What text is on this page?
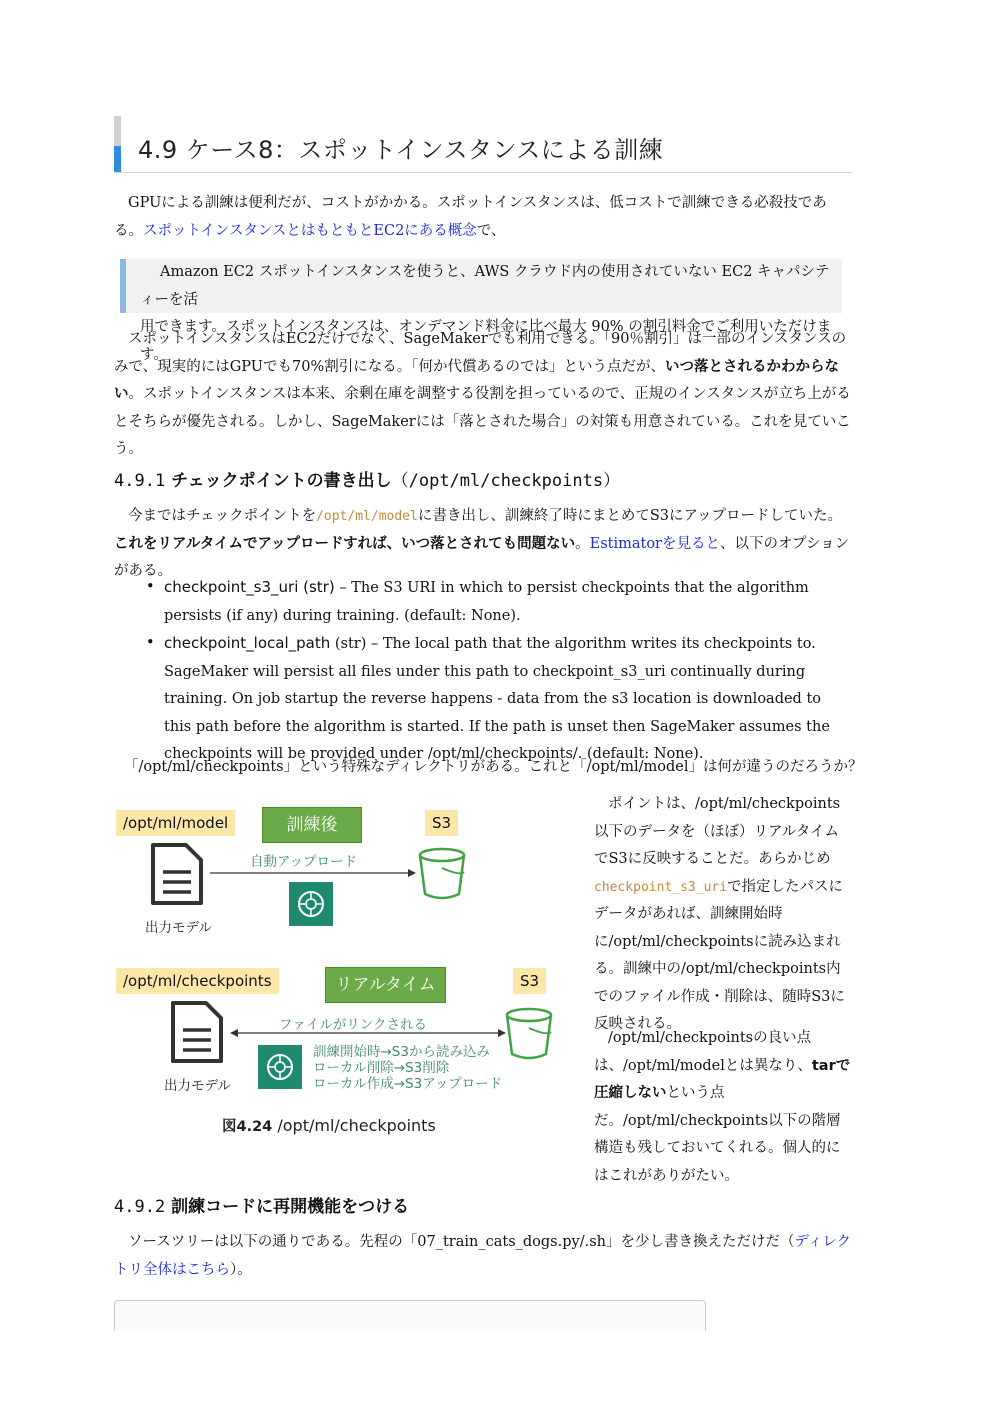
4.9 ケース8：スポットインスタンスによる訓練
GPUによる訓練は便利だが、コストがかかる。スポットインスタンスは、低コストで訓練できる必殺技である。スポットインスタンスとはもともとEC2にある概念で、
Amazon EC2 スポットインスタンスを使うと、AWS クラウド内の使用されていない EC2 キャパシティーを活
用できます。スポットインスタンスは、オンデマンド料金に比べ最大 90% の割引料金でご利用いただけます。
スポットインスタンスはEC2だけでなく、SageMakerでも利用できる。「90％割引」は一部のインスタンスのみで、現実的にはGPUでも70%割引になる。「何か代償あるのでは」という点だが、いつ落とされるかわからない。スポットインスタンスは本来、余剰在庫を調整する役割を担っているので、正規のインスタンスが立ち上がるとそちらが優先される。しかし、SageMakerには「落とされた場合」の対策も用意されている。これを見ていこう。
4.9.1 チェックポイントの書き出し（/opt/ml/checkpoints）
今まではチェックポイントを/opt/ml/modelに書き出し、訓練終了時にまとめてS3にアップロードしていた。これをリアルタイムでアップロードすれば、いつ落とされても問題ない。Estimatorを見ると、以下のオプションがある。
• checkpoint_s3_uri (str) – The S3 URI in which to persist checkpoints that the algorithm persists (if any) during training. (default: None).
• checkpoint_local_path (str) – The local path that the algorithm writes its checkpoints to. SageMaker will persist all files under this path to checkpoint_s3_uri continually during training. On job startup the reverse happens - data from the s3 location is downloaded to this path before the algorithm is started. If the path is unset then SageMaker assumes the checkpoints will be provided under /opt/ml/checkpoints/. (default: None).
「/opt/ml/checkpoints」という特殊なディレクトリがある。これと「/opt/ml/model」は何が違うのだろうか？
/opt/ml/model	訓練後	S3
自動アップロード
出力モデル
/opt/ml/checkpoints	リアルタイム	S3
ファイルがリンクされる
訓練開始時→S3から読み込み
ローカル削除→S3削除
ローカル作成→S3アップロード
出力モデル
図4.24 /opt/ml/checkpoints
ポイントは、/opt/ml/checkpoints以下のデータを（ほぼ）リアルタイムでS3に反映することだ。あらかじめcheckpoint_s3_uriで指定したパスにデータがあれば、訓練開始時に/opt/ml/checkpointsに読み込まれる。訓練中の/opt/ml/checkpoints内でのファイル作成・削除は、随時S3に反映される。
/opt/ml/checkpointsの良い点は、/opt/ml/modelとは異なり、tarで圧縮しないという点だ。/opt/ml/checkpoints以下の階層構造も残しておいてくれる。個人的にはこれがありがたい。
4.9.2 訓練コードに再開機能をつける
ソースツリーは以下の通りである。先程の「07_train_cats_dogs.py/.sh」を少し書き換えただけだ（ディレクトリ全体はこちら）。
